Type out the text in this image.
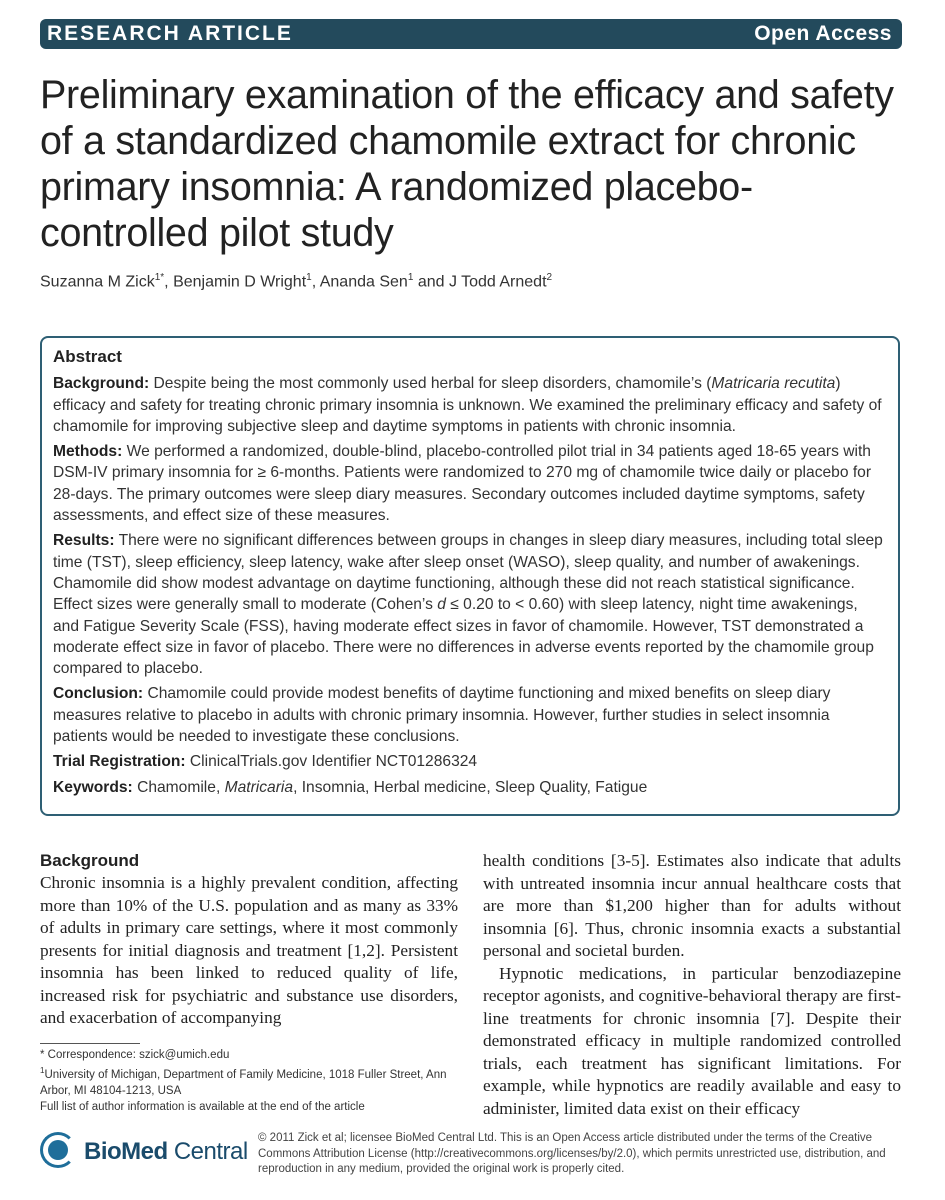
RESEARCH ARTICLE	Open Access
Preliminary examination of the efficacy and safety of a standardized chamomile extract for chronic primary insomnia: A randomized placebo-controlled pilot study
Suzanna M Zick$^{1*}$, Benjamin D Wright$^1$, Ananda Sen$^1$ and J Todd Arnedt$^2$
Abstract

Background: Despite being the most commonly used herbal for sleep disorders, chamomile’s (Matricaria recutita) efficacy and safety for treating chronic primary insomnia is unknown. We examined the preliminary efficacy and safety of chamomile for improving subjective sleep and daytime symptoms in patients with chronic insomnia.

Methods: We performed a randomized, double-blind, placebo-controlled pilot trial in 34 patients aged 18-65 years with DSM-IV primary insomnia for ≥ 6-months. Patients were randomized to 270 mg of chamomile twice daily or placebo for 28-days. The primary outcomes were sleep diary measures. Secondary outcomes included daytime symptoms, safety assessments, and effect size of these measures.

Results: There were no significant differences between groups in changes in sleep diary measures, including total sleep time (TST), sleep efficiency, sleep latency, wake after sleep onset (WASO), sleep quality, and number of awakenings. Chamomile did show modest advantage on daytime functioning, although these did not reach statistical significance. Effect sizes were generally small to moderate (Cohen’s d ≤ 0.20 to < 0.60) with sleep latency, night time awakenings, and Fatigue Severity Scale (FSS), having moderate effect sizes in favor of chamomile. However, TST demonstrated a moderate effect size in favor of placebo. There were no differences in adverse events reported by the chamomile group compared to placebo.

Conclusion: Chamomile could provide modest benefits of daytime functioning and mixed benefits on sleep diary measures relative to placebo in adults with chronic primary insomnia. However, further studies in select insomnia patients would be needed to investigate these conclusions.

Trial Registration: ClinicalTrials.gov Identifier NCT01286324

Keywords: Chamomile, Matricaria, Insomnia, Herbal medicine, Sleep Quality, Fatigue

Background

Chronic insomnia is a highly prevalent condition, affecting more than 10% of the U.S. population and as many as 33% of adults in primary care settings, where it most commonly presents for initial diagnosis and treatment [1,2]. Persistent insomnia has been linked to reduced quality of life, increased risk for psychiatric and substance use disorders, and exacerbation of accompanying

health conditions [3-5]. Estimates also indicate that adults with untreated insomnia incur annual healthcare costs that are more than $1,200 higher than for adults without insomnia [6]. Thus, chronic insomnia exacts a substantial personal and societal burden.

Hypnotic medications, in particular benzodiazepine receptor agonists, and cognitive-behavioral therapy are first-line treatments for chronic insomnia [7]. Despite their demonstrated efficacy in multiple randomized controlled trials, each treatment has significant limitations. For example, while hypnotics are readily available and easy to administer, limited data exist on their efficacy

* Correspondence: szick@umich.edu
$^1$University of Michigan, Department of Family Medicine, 1018 Fuller Street, Ann Arbor, MI 48104-1213, USA
Full list of author information is available at the end of the article
BioMed Central © 2011 Zick et al; licensee BioMed Central Ltd. This is an Open Access article distributed under the terms of the Creative Commons Attribution License (http://creativecommons.org/licenses/by/2.0), which permits unrestricted use, distribution, and reproduction in any medium, provided the original work is properly cited.
